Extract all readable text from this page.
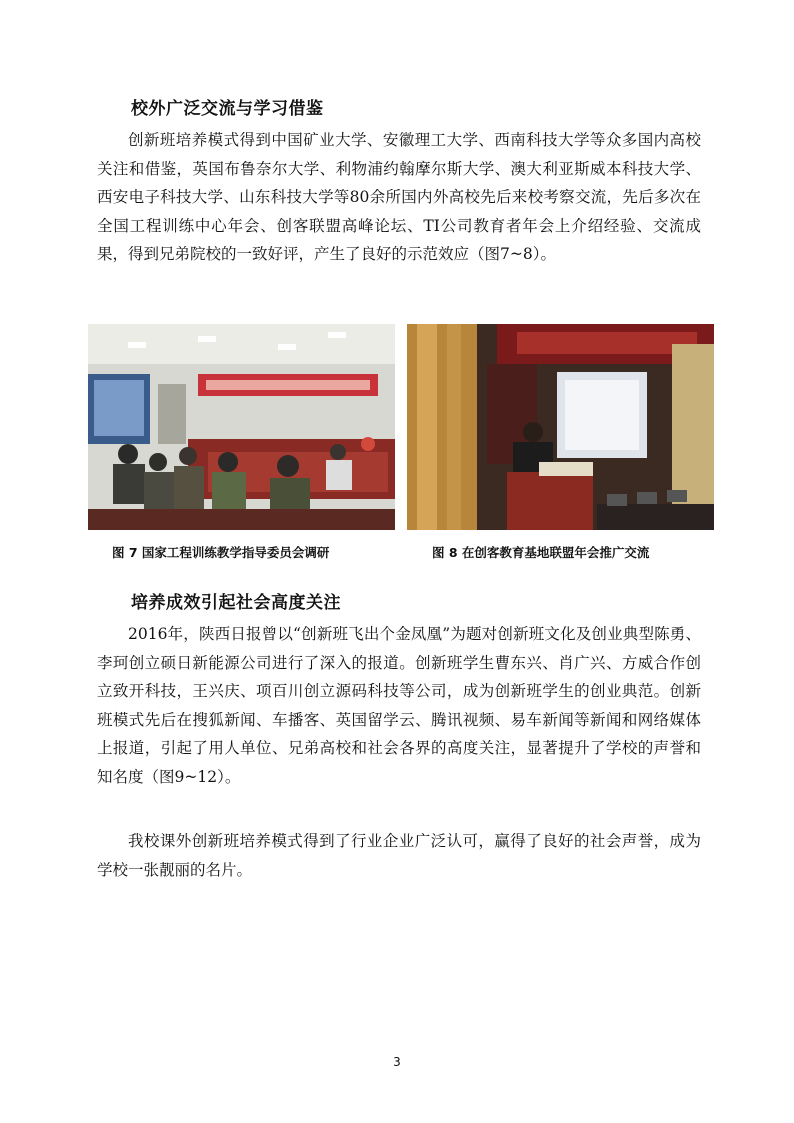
校外广泛交流与学习借鉴

创新班培养模式得到中国矿业大学、安徽理工大学、西南科技大学等众多国内高校关注和借鉴，英国布鲁奈尔大学、利物浦约翰摩尔斯大学、澳大利亚斯威本科技大学、西安电子科技大学、山东科技大学等80余所国内外高校先后来校考察交流，先后多次在全国工程训练中心年会、创客联盟高峰论坛、TI公司教育者年会上介绍经验、交流成果，得到兄弟院校的一致好评，产生了良好的示范效应（图7~8）。

图 7 国家工程训练教学指导委员会调研	图 8 在创客教育基地联盟年会推广交流

培养成效引起社会高度关注

2016年，陕西日报曾以“创新班飞出个金凤凰”为题对创新班文化及创业典型陈勇、李珂创立硕日新能源公司进行了深入的报道。创新班学生曹东兴、肖广兴、方威合作创立致开科技，王兴庆、项百川创立源码科技等公司，成为创新班学生的创业典范。创新班模式先后在搜狐新闻、车播客、英国留学云、腾讯视频、易车新闻等新闻和网络媒体上报道，引起了用人单位、兄弟高校和社会各界的高度关注，显著提升了学校的声誉和知名度（图9~12）。

我校课外创新班培养模式得到了行业企业广泛认可，赢得了良好的社会声誉，成为学校一张靓丽的名片。

3
